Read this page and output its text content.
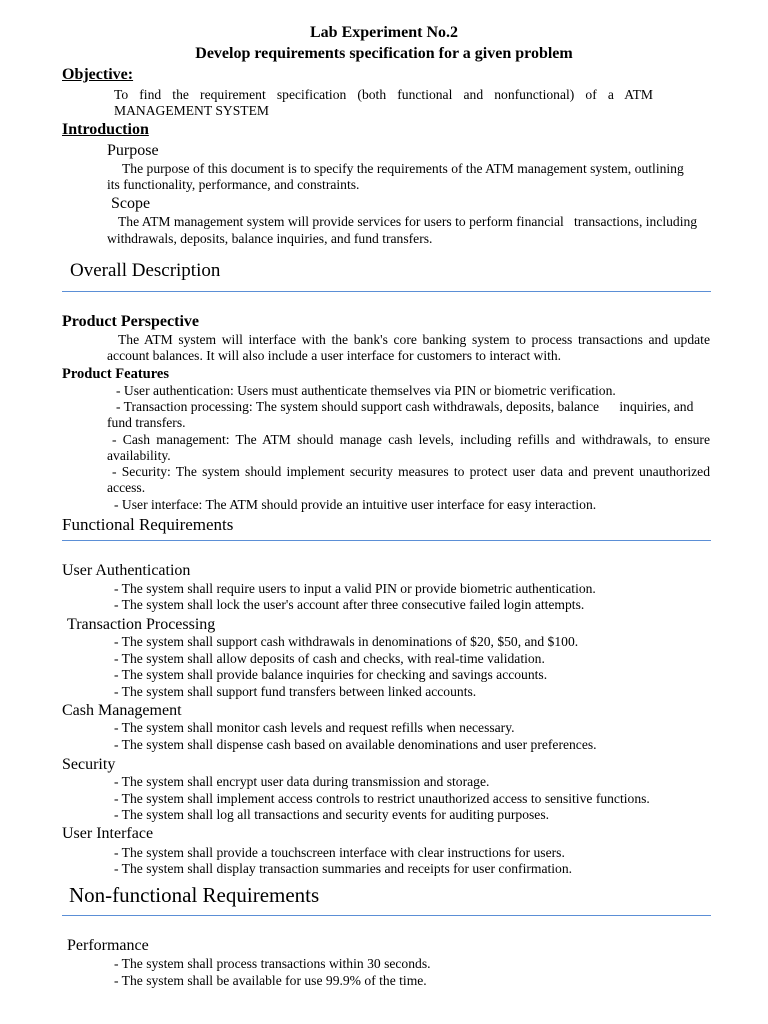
Lab Experiment No.2
Develop requirements specification for a given problem
Objective:
To find the requirement specification (both functional and nonfunctional) of a ATM
MANAGEMENT SYSTEM
Introduction
Purpose
The purpose of this document is to specify the requirements of the ATM management system, outlining
its functionality, performance, and constraints.
Scope
The ATM management system will provide services for users to perform financial   transactions, including
withdrawals, deposits, balance inquiries, and fund transfers.
Overall Description
Product Perspective
The ATM system will interface with the bank's core banking system to process transactions and update
account balances. It will also include a user interface for customers to interact with.
Product Features
- User authentication: Users must authenticate themselves via PIN or biometric verification.
- Transaction processing: The system should support cash withdrawals, deposits, balance      inquiries, and
fund transfers.
- Cash management: The ATM should manage cash levels, including refills and withdrawals, to ensure
availability.
- Security: The system should implement security measures to protect user data and prevent unauthorized
access.
- User interface: The ATM should provide an intuitive user interface for easy interaction.
Functional Requirements
User Authentication
- The system shall require users to input a valid PIN or provide biometric authentication.
- The system shall lock the user's account after three consecutive failed login attempts.
Transaction Processing
- The system shall support cash withdrawals in denominations of $20, $50, and $100.
- The system shall allow deposits of cash and checks, with real-time validation.
- The system shall provide balance inquiries for checking and savings accounts.
- The system shall support fund transfers between linked accounts.
Cash Management
- The system shall monitor cash levels and request refills when necessary.
- The system shall dispense cash based on available denominations and user preferences.
Security
- The system shall encrypt user data during transmission and storage.
- The system shall implement access controls to restrict unauthorized access to sensitive functions.
- The system shall log all transactions and security events for auditing purposes.
User Interface
- The system shall provide a touchscreen interface with clear instructions for users.
- The system shall display transaction summaries and receipts for user confirmation.
Non-functional Requirements
Performance
- The system shall process transactions within 30 seconds.
- The system shall be available for use 99.9% of the time.
